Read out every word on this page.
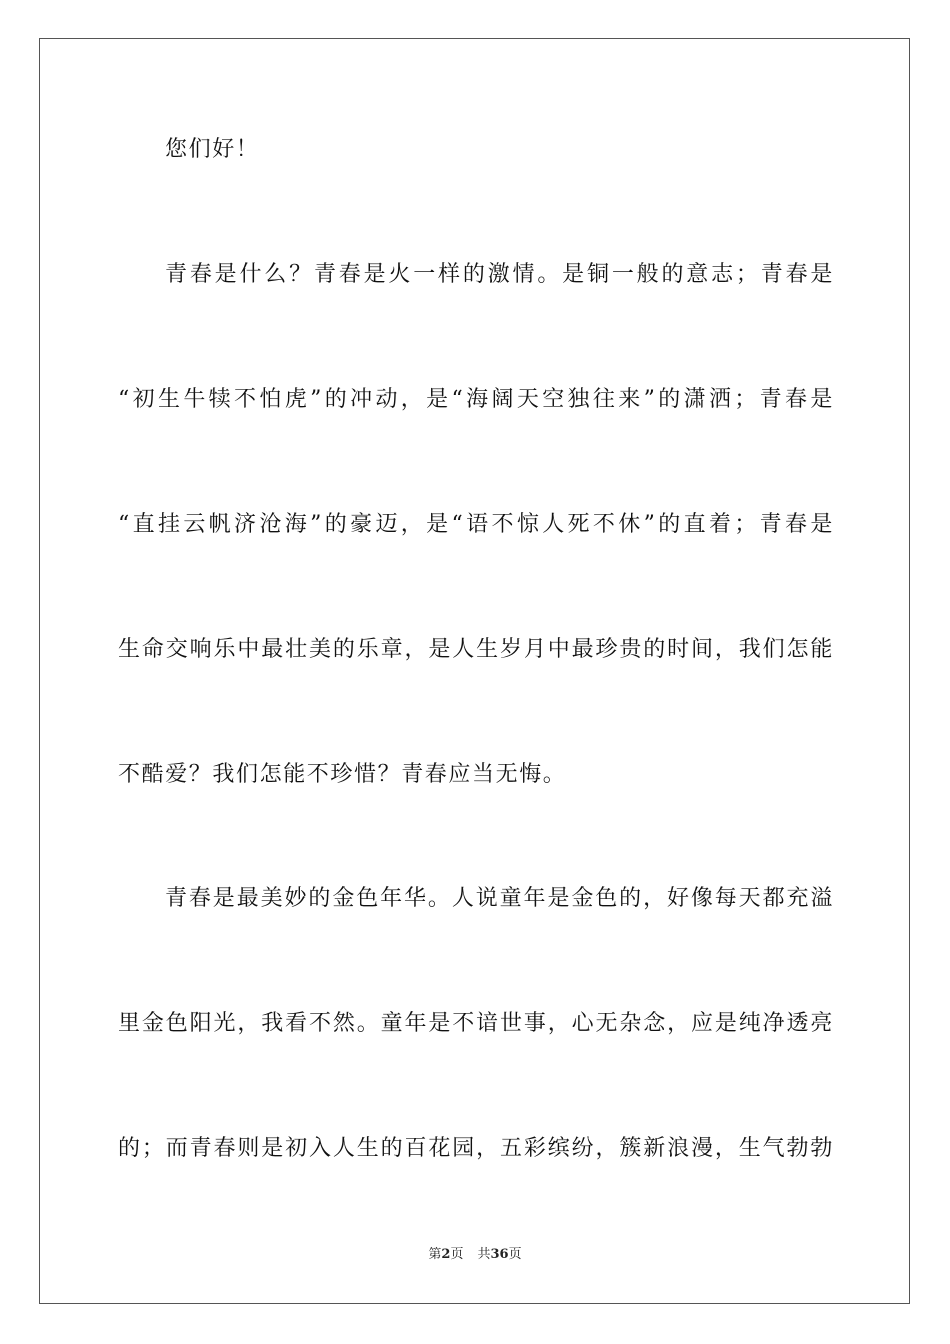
您们好！
青春是什么？青春是火一样的激情。是铜一般的意志；青春是
“初生牛犊不怕虎”的冲动，是“海阔天空独往来”的潇洒；青春是
“直挂云帆济沧海”的豪迈，是“语不惊人死不休”的直着；青春是
生命交响乐中最壮美的乐章，是人生岁月中最珍贵的时间，我们怎能
不酷爱？我们怎能不珍惜？青春应当无悔。
青春是最美妙的金色年华。人说童年是金色的，好像每天都充溢
里金色阳光，我看不然。童年是不谙世事，心无杂念，应是纯净透亮
的；而青春则是初入人生的百花园，五彩缤纷，簇新浪漫，生气勃勃
第2页 共36页
